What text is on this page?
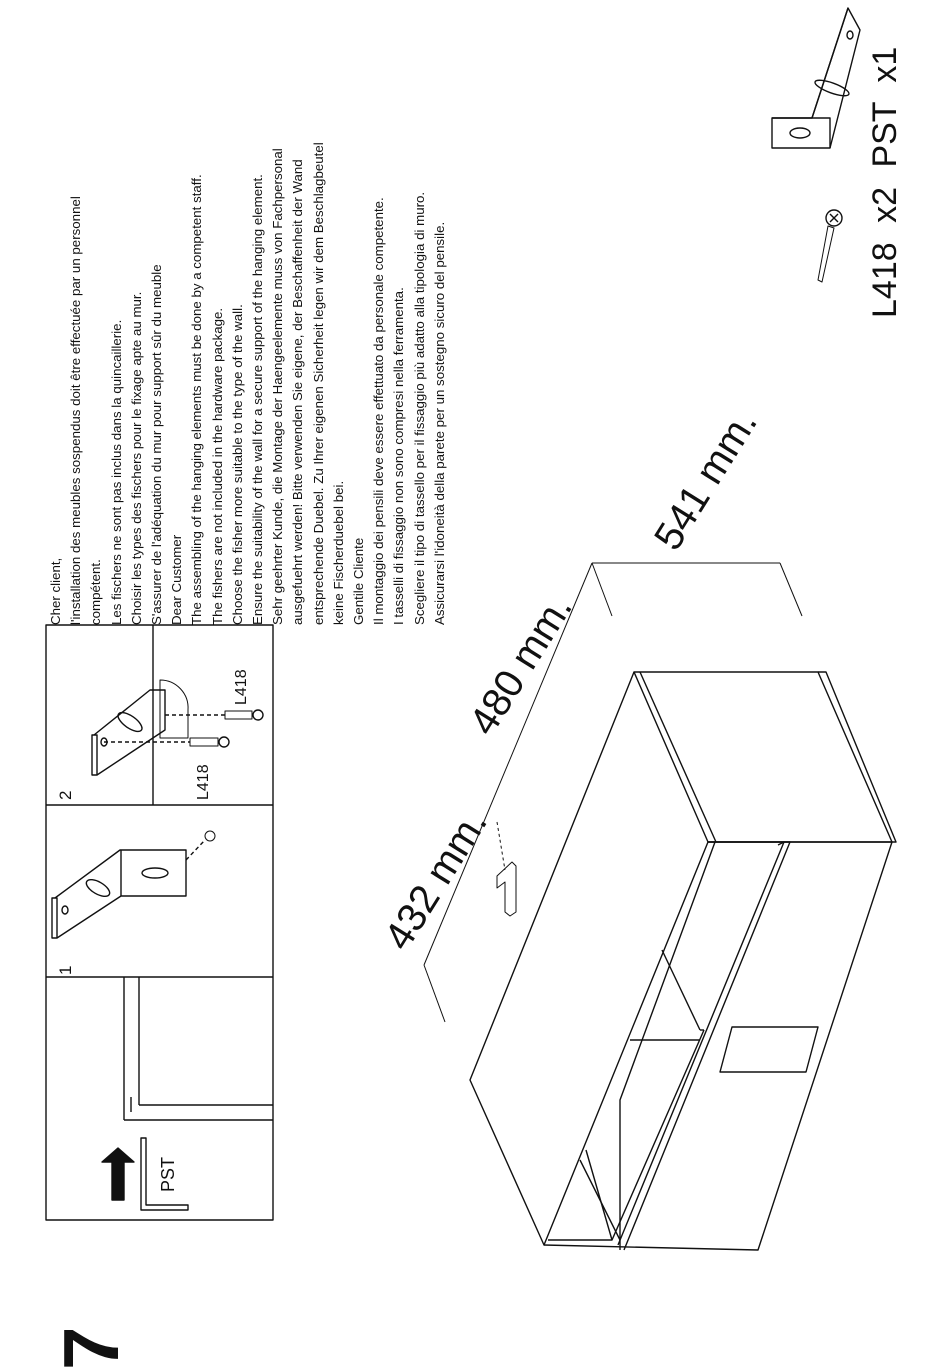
7
1
PST
2	L418
L418
Cher client, l'installation des meubles sospendus doit être effectuée par un personnel compétent. Les fischers ne sont pas inclus dans la quincaillerie. Choisir les types des fischers pour le fixage apte au mur. S'assurer de l'adéquation du mur pour support sûr du meuble Dear Customer The assembling of the hanging elements must be done by a competent staff. The fishers are not included in the hardware package. Choose the fisher more suitable to the type of the wall. Ensure the suitability of the wall for a secure support of the hanging element. Sehr geehrter Kunde, die Montage der Haengeelemente muss von Fachpersonal ausgefuehrt werden! Bitte verwenden Sie eigene, der Beschaffenheit der Wand entsprechende Duebel. Zu Ihrer eigenen Sicherheit legen wir dem Beschlagbeutel keine Fischerduebel bei. Gentile Cliente Il montaggio dei pensili deve essere effettuato da personale competente. I tasselli di fissaggio non sono compresi nella ferramenta. Scegliere il tipo di tassello per il fissaggio più adatto alla tipologia di muro. Assicurarsi l'idoneità della parete per un sostegno sicuro del pensile.
432 mm.
480 mm.
541 mm.
L418 x2 PST x1
